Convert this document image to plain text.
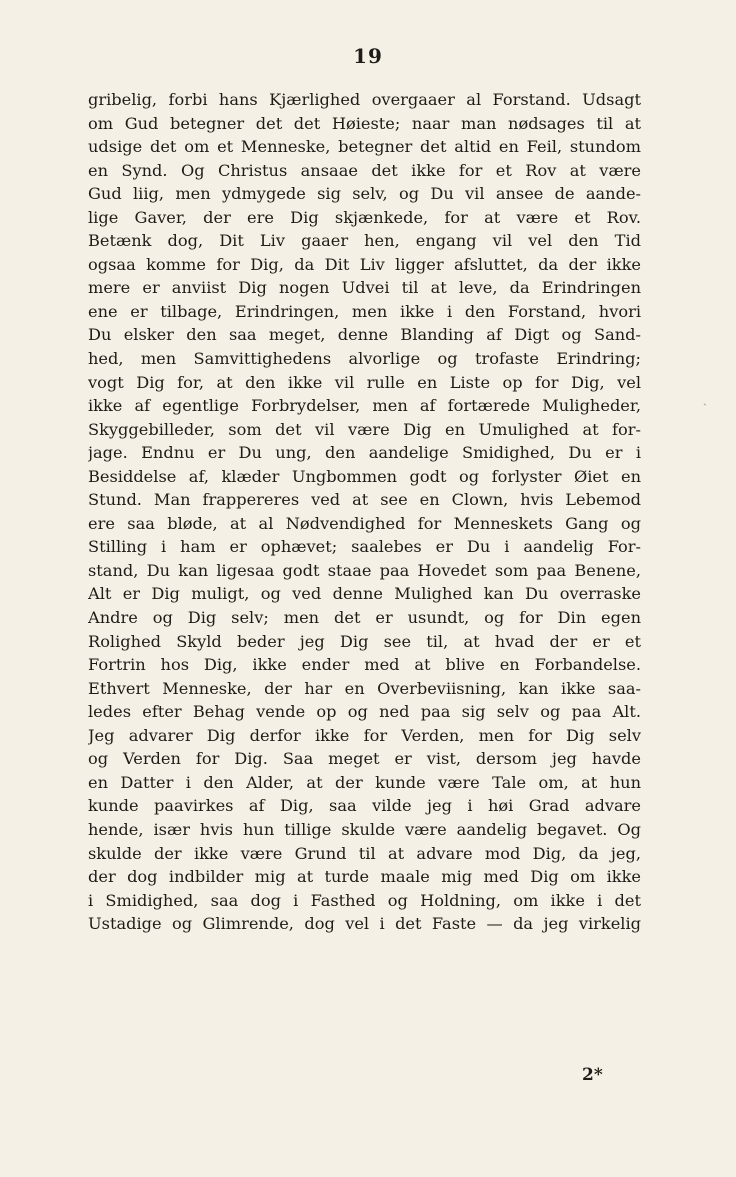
19
gribelig, forbi hans Kjærlighed overgaaer al Forstand. Udsagt
om Gud betegner det det Høieste; naar man nødsages til at
udsige det om et Menneske, betegner det altid en Feil, stundom
en Synd. Og Christus ansaae det ikke for et Rov at være
Gud liig, men ydmygede sig selv, og Du vil ansee de aande-
lige Gaver, der ere Dig skjænkede, for at være et Rov.
Betænk dog, Dit Liv gaaer hen, engang vil vel den Tid
ogsaa komme for Dig, da Dit Liv ligger afsluttet, da der ikke
mere er anviist Dig nogen Udvei til at leve, da Erindringen
ene er tilbage, Erindringen, men ikke i den Forstand, hvori
Du elsker den saa meget, denne Blanding af Digt og Sand-
hed, men Samvittighedens alvorlige og trofaste Erindring;
vogt Dig for, at den ikke vil rulle en Liste op for Dig, vel
ikke af egentlige Forbrydelser, men af fortærede Muligheder,
Skyggebilleder, som det vil være Dig en Umulighed at for-
jage. Endnu er Du ung, den aandelige Smidighed, Du er i
Besiddelse af, klæder Ungbommen godt og forlyster Øiet en
Stund. Man frappereres ved at see en Clown, hvis Lebemod
ere saa bløde, at al Nødvendighed for Menneskets Gang og
Stilling i ham er ophævet; saalebes er Du i aandelig For-
stand, Du kan ligesaa godt staae paa Hovedet som paa Benene,
Alt er Dig muligt, og ved denne Mulighed kan Du overraske
Andre og Dig selv; men det er usundt, og for Din egen
Rolighed Skyld beder jeg Dig see til, at hvad der er et
Fortrin hos Dig, ikke ender med at blive en Forbandelse.
Ethvert Menneske, der har en Overbeviisning, kan ikke saa-
ledes efter Behag vende op og ned paa sig selv og paa Alt.
Jeg advarer Dig derfor ikke for Verden, men for Dig selv
og Verden for Dig. Saa meget er vist, dersom jeg havde
en Datter i den Alder, at der kunde være Tale om, at hun
kunde paavirkes af Dig, saa vilde jeg i høi Grad advare
hende, især hvis hun tillige skulde være aandelig begavet. Og
skulde der ikke være Grund til at advare mod Dig, da jeg,
der dog indbilder mig at turde maale mig med Dig om ikke
i Smidighed, saa dog i Fasthed og Holdning, om ikke i det
Ustadige og Glimrende, dog vel i det Faste — da jeg virkelig
ˏ
2*
